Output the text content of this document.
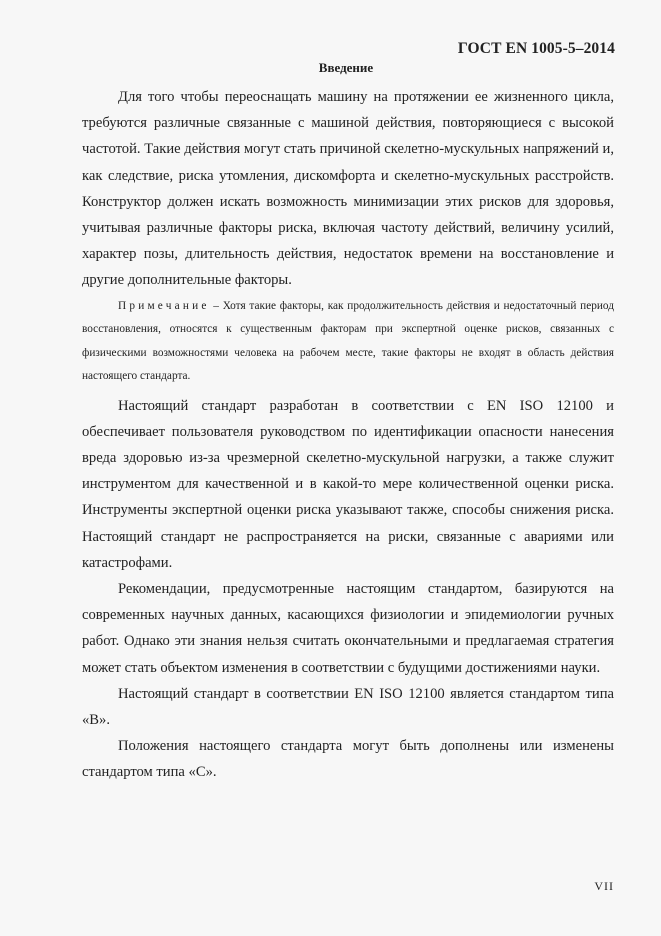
ГОСТ EN 1005-5–2014
Введение

Для того чтобы переоснащать машину на протяжении ее жизненного цикла, требуются различные связанные с машиной действия, повторяющиеся с высокой частотой. Такие действия могут стать причиной скелетно-мускульных напряжений и, как следствие, риска утомления, дискомфорта и скелетно-мускульных расстройств. Конструктор должен искать возможность минимизации этих рисков для здоровья, учитывая различные факторы риска, включая частоту действий, величину усилий, характер позы, длительность действия, недостаток времени на восстановление и другие дополнительные факторы.

Примечание – Хотя такие факторы, как продолжительность действия и недостаточный период восстановления, относятся к существенным факторам при экспертной оценке рисков, связанных с физическими возможностями человека на рабочем месте, такие факторы не входят в область действия настоящего стандарта.

Настоящий стандарт разработан в соответствии с EN ISO 12100 и обеспечивает пользователя руководством по идентификации опасности нанесения вреда здоровью из-за чрезмерной скелетно-мускульной нагрузки, а также служит инструментом для качественной и в какой-то мере количественной оценки риска. Инструменты экспертной оценки риска указывают также, способы снижения риска. Настоящий стандарт не распространяется на риски, связанные с авариями или катастрофами.

Рекомендации, предусмотренные настоящим стандартом, базируются на современных научных данных, касающихся физиологии и эпидемиологии ручных работ. Однако эти знания нельзя считать окончательными и предлагаемая стратегия может стать объектом изменения в соответствии с будущими достижениями науки.

Настоящий стандарт в соответствии EN ISO 12100 является стандартом типа «B».

Положения настоящего стандарта могут быть дополнены или изменены стандартом типа «C».

VII
